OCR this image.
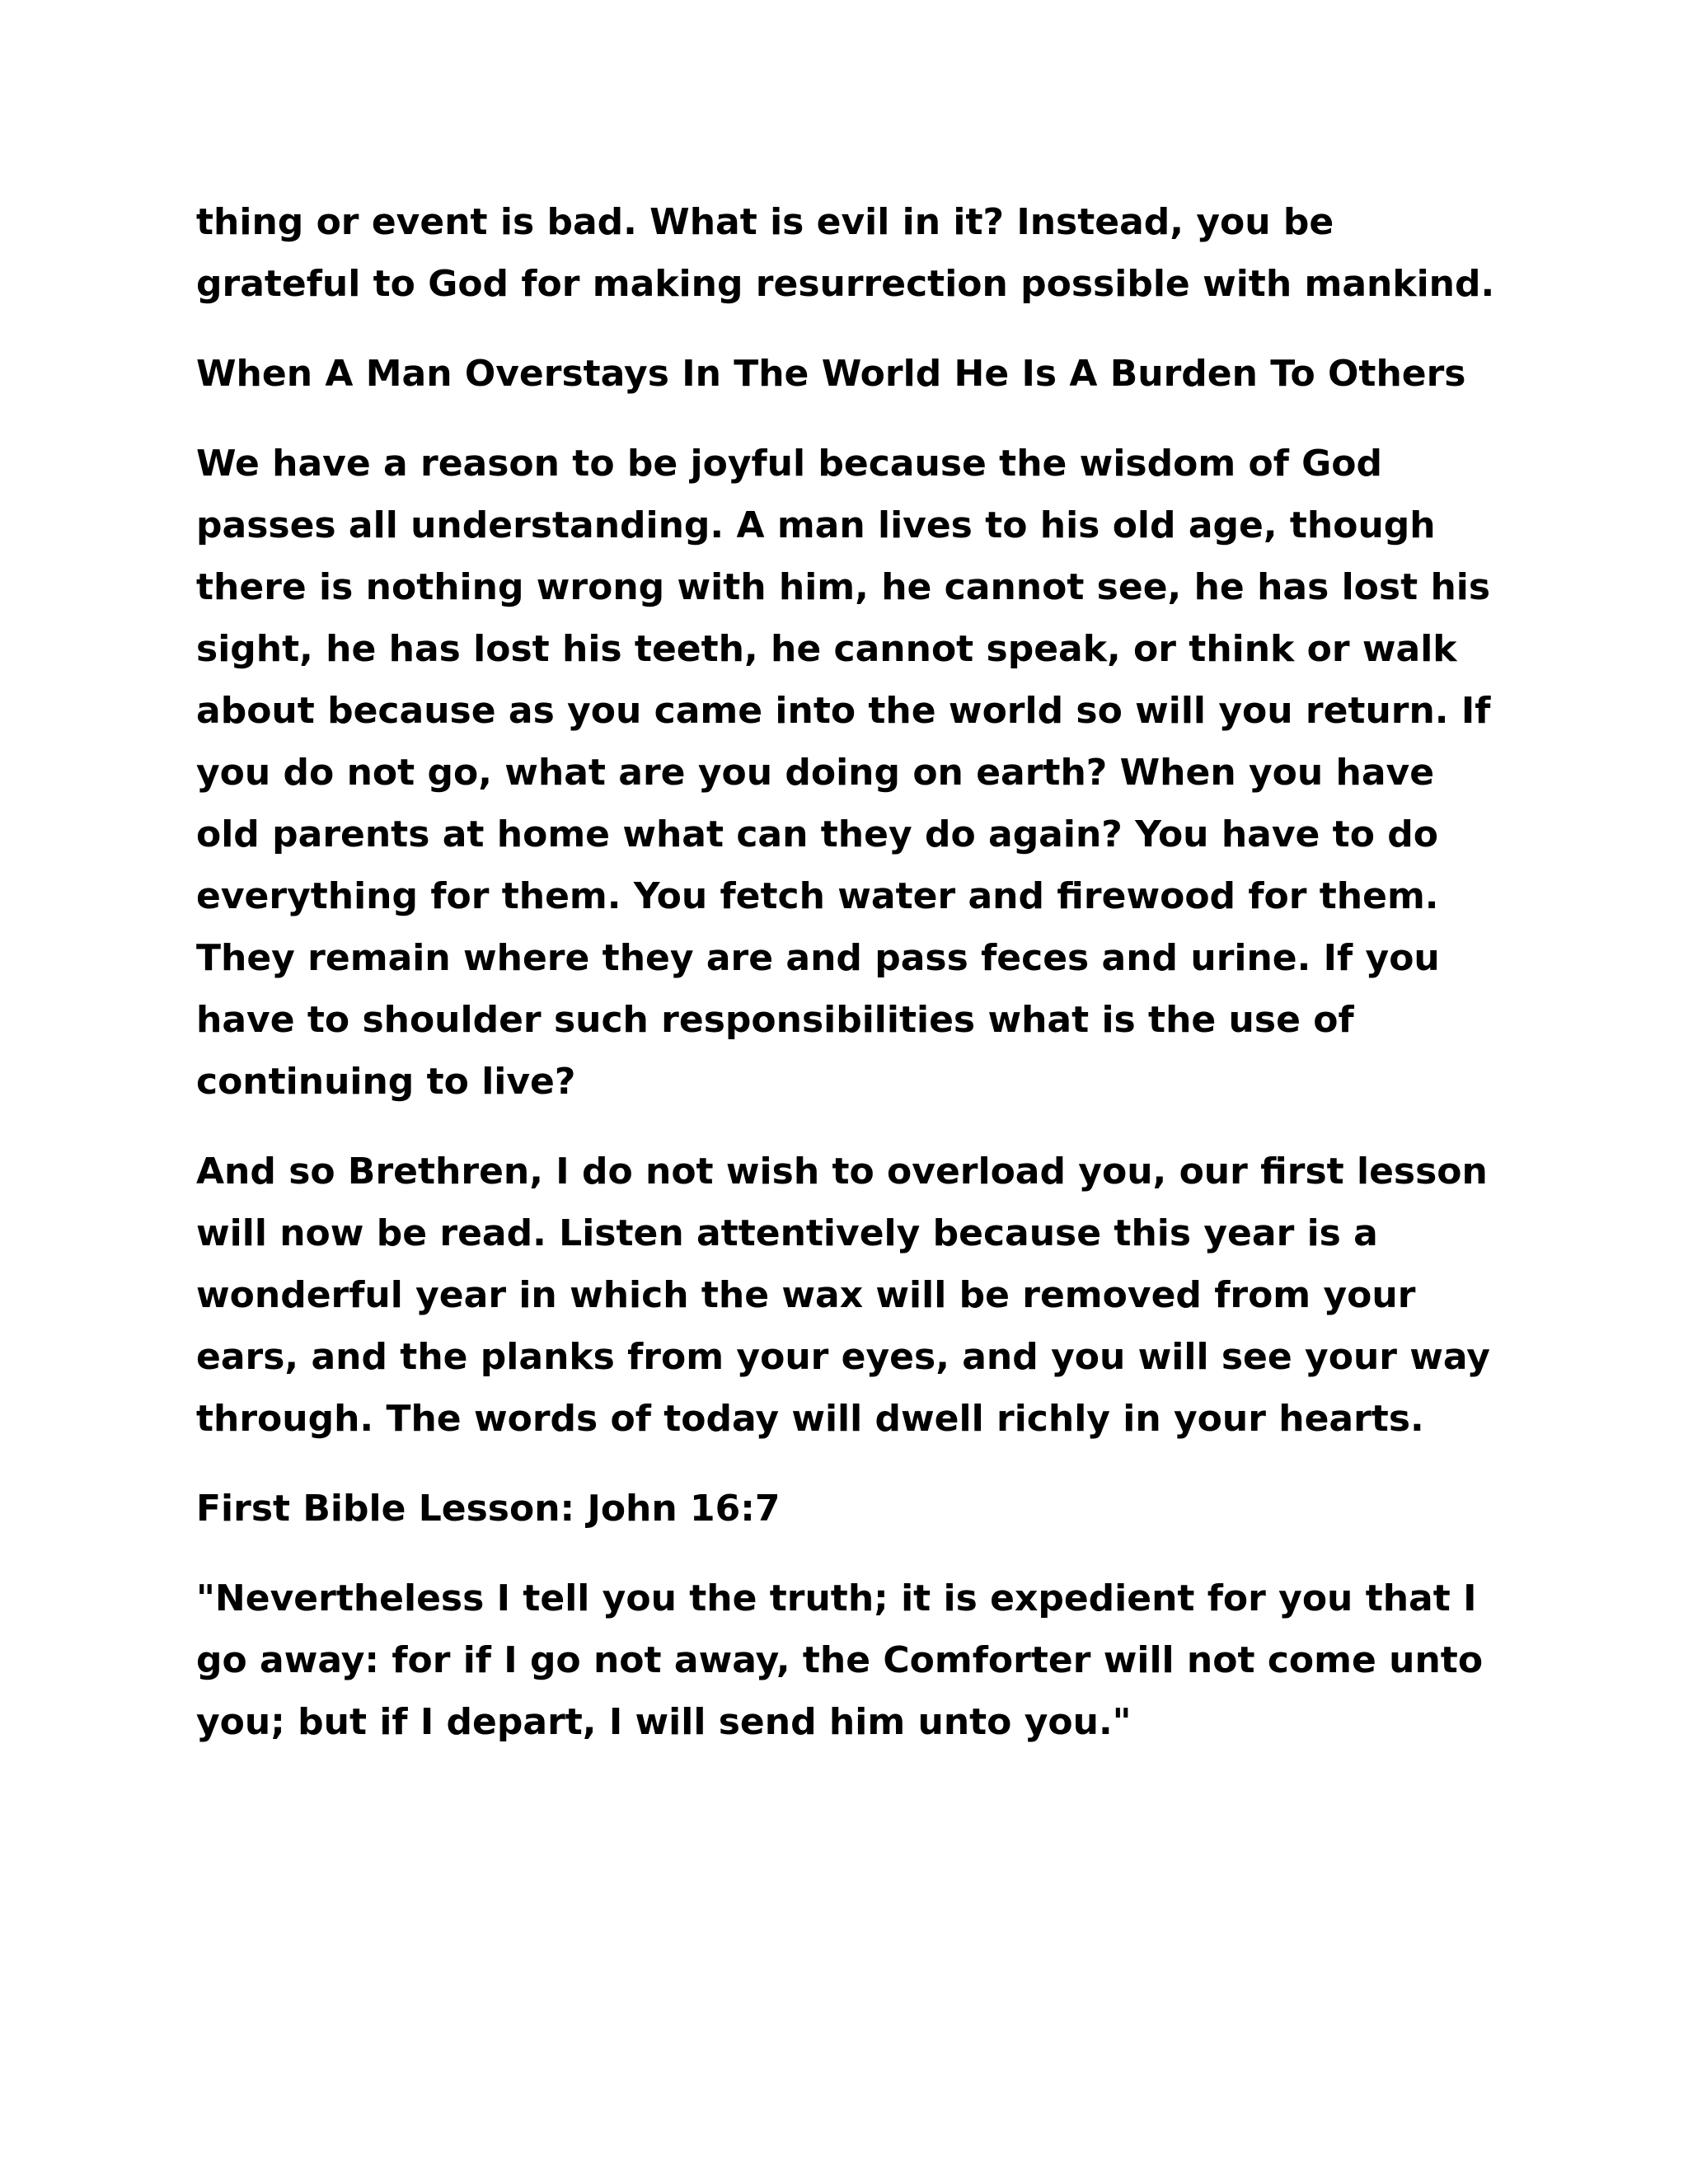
thing or event is bad. What is evil in it? Instead, you be grateful to God for making resurrection possible with mankind.

When A Man Overstays In The World He Is A Burden To Others

We have a reason to be joyful because the wisdom of God passes all understanding. A man lives to his old age, though there is nothing wrong with him, he cannot see, he has lost his sight, he has lost his teeth, he cannot speak, or think or walk about because as you came into the world so will you return. If you do not go, what are you doing on earth? When you have old parents at home what can they do again? You have to do everything for them. You fetch water and firewood for them. They remain where they are and pass feces and urine. If you have to shoulder such responsibilities what is the use of continuing to live?

And so Brethren, I do not wish to overload you, our first lesson will now be read. Listen attentively because this year is a wonderful year in which the wax will be removed from your ears, and the planks from your eyes, and you will see your way through. The words of today will dwell richly in your hearts.

First Bible Lesson: John 16:7

"Nevertheless I tell you the truth; it is expedient for you that I go away: for if I go not away, the Comforter will not come unto you; but if I depart, I will send him unto you."
